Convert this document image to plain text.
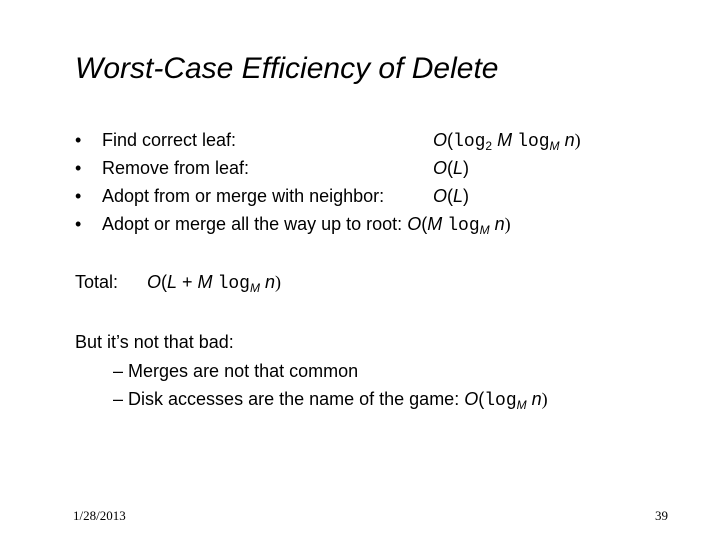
Worst-Case Efficiency of Delete
•	Find correct leaf:	$O(\log_2$ M $\log_M n$)
•	Remove from leaf:	O(L)
•	Adopt from or merge with neighbor:	O(L)
•	Adopt or merge all the way up to root: O(M $\log_M n$)
Total: O(L + M $\log_M n$)
But it’s not that bad:
– Merges are not that common
– Disk accesses are the name of the game: $O(\log_M$ n)
1/28/2013	39
